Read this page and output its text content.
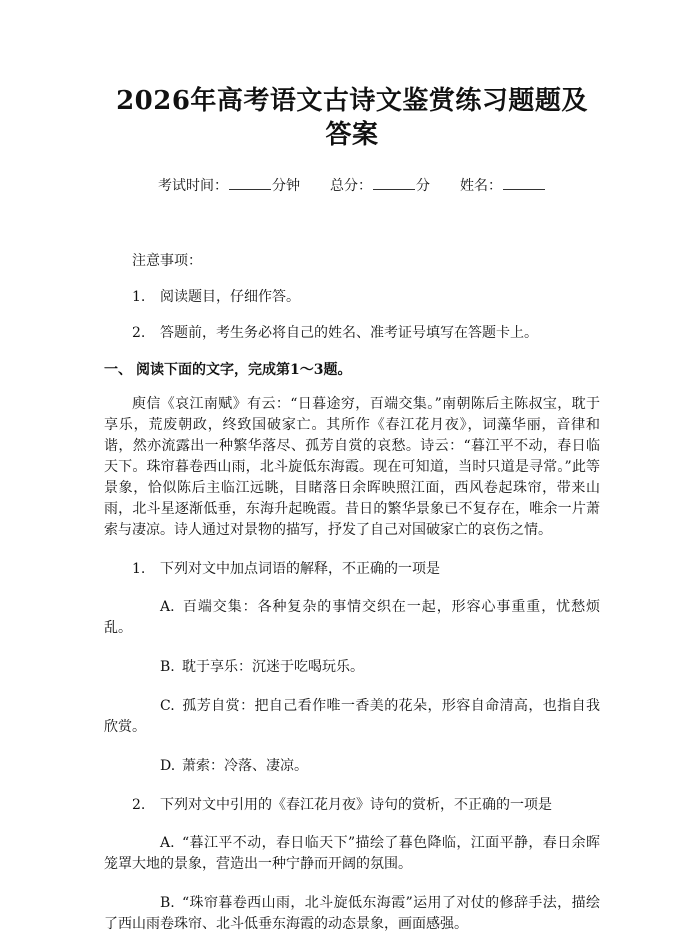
2026年高考语文古诗文鉴赏练习题题及答案
考试时间：	分钟 总分：	分 姓名：
注意事项：
1. 阅读题目，仔细作答。
2. 答题前，考生务必将自己的姓名、准考证号填写在答题卡上。
一、 阅读下面的文字，完成第1～3题。

庾信《哀江南赋》有云：“日暮途穷，百端交集。”南朝陈后主陈叔宝，耽于享乐，荒废朝政，终致国破家亡。其所作《春江花月夜》，词藻华丽，音律和谐，然亦流露出一种繁华落尽、孤芳自赏的哀愁。诗云：“暮江平不动，春日临天下。珠帘暮卷西山雨，北斗旋低东海霞。现在可知道，当时只道是寻常。”此等景象，恰似陈后主临江远眺，目睹落日余晖映照江面，西风卷起珠帘，带来山雨，北斗星逐渐低垂，东海升起晚霞。昔日的繁华景象已不复存在，唯余一片萧索与凄凉。诗人通过对景物的描写，抒发了自己对国破家亡的哀伤之情。

1. 下列对文中加点词语的解释，不正确的一项是
A. 百端交集：各种复杂的事情交织在一起，形容心事重重，忧愁烦乱。
B. 耽于享乐：沉迷于吃喝玩乐。
C. 孤芳自赏：把自己看作唯一香美的花朵，形容自命清高，也指自我欣赏。
D. 萧索：冷落、凄凉。
2. 下列对文中引用的《春江花月夜》诗句的赏析，不正确的一项是
A. “暮江平不动，春日临天下”描绘了暮色降临，江面平静，春日余晖笼罩大地的景象，营造出一种宁静而开阔的氛围。
B. “珠帘暮卷西山雨，北斗旋低东海霞”运用了对仗的修辞手法，描绘了西山雨卷珠帘、北斗低垂东海霞的动态景象，画面感强。
